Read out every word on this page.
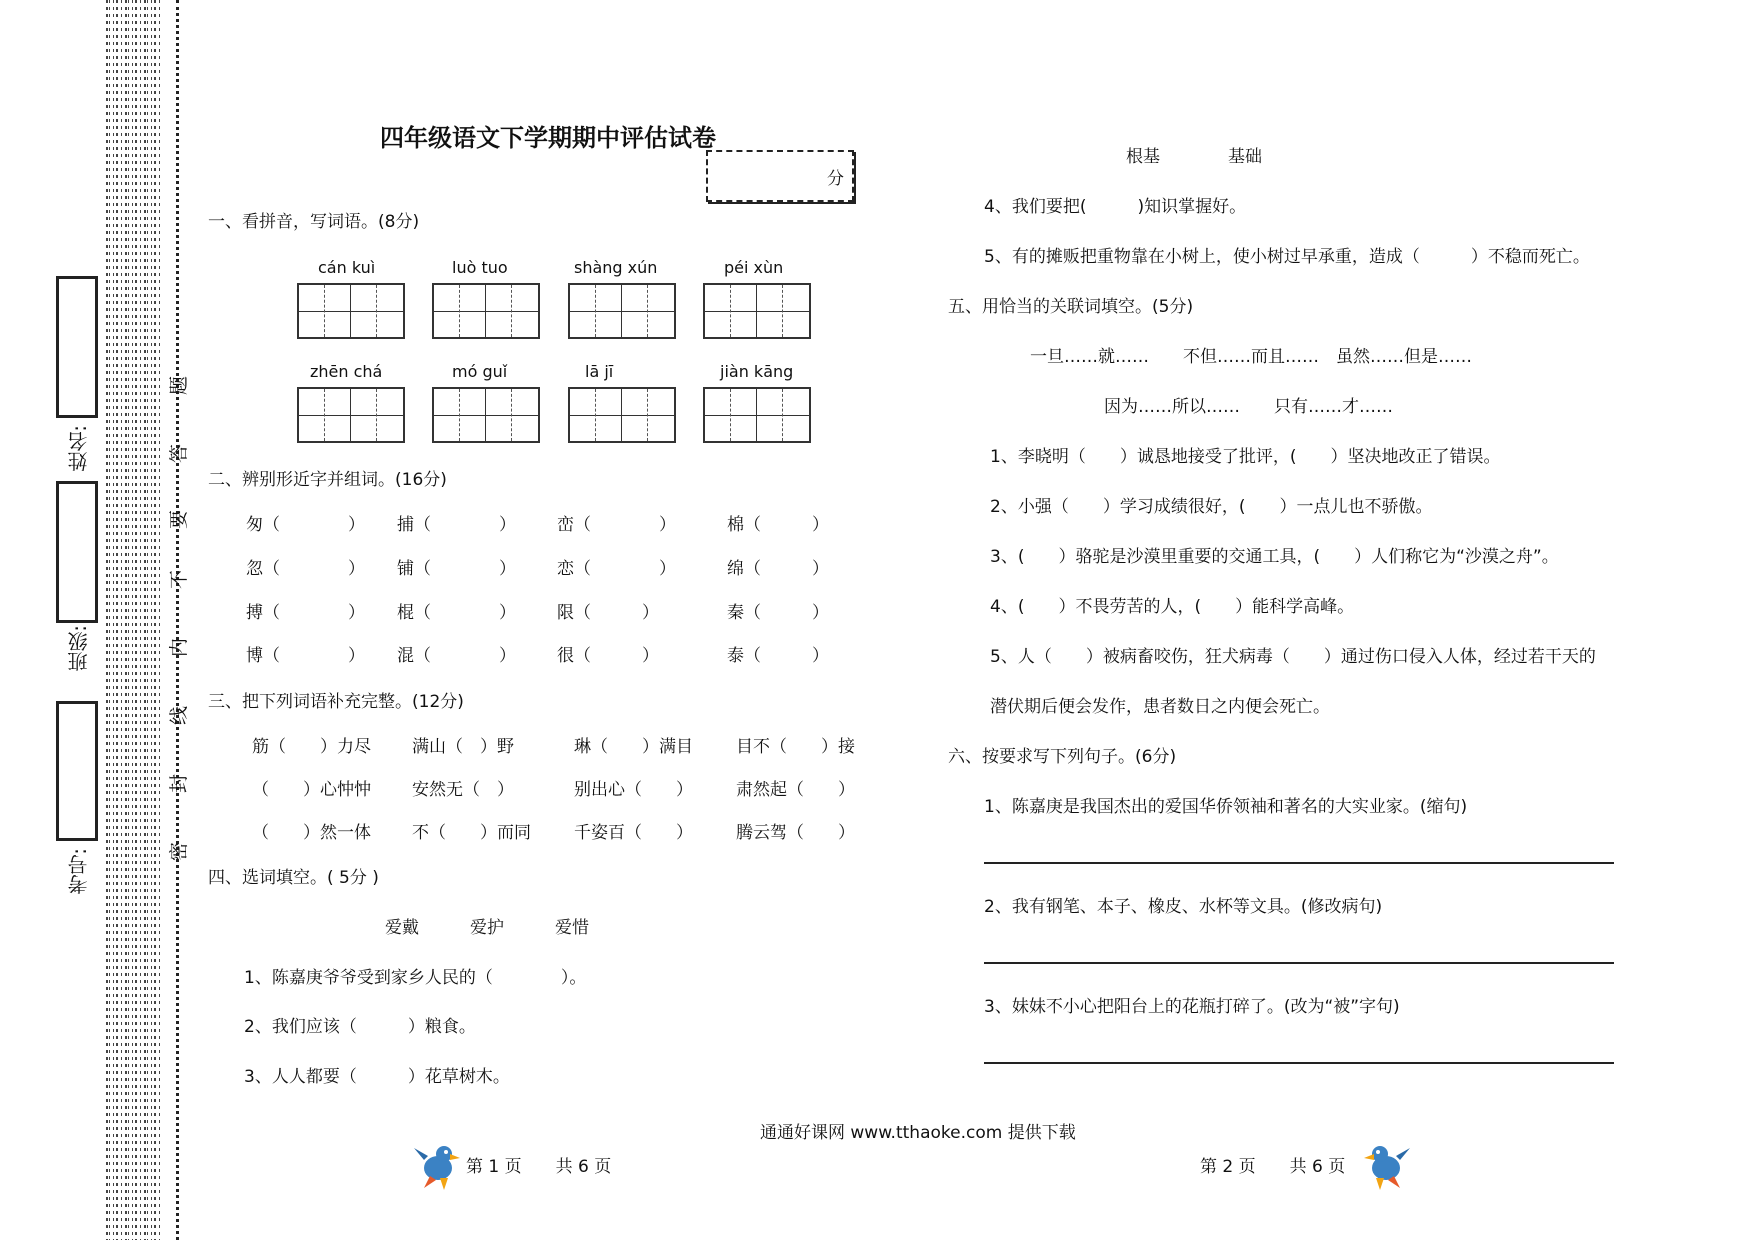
姓名:
班级:
考号:	密
封
线
内
不
要
答
题
四年级语文下学期期中评估试卷
分
一、看拼音，写词语。(8分)
cán kuì	luò tuo	shàng xún	péi xùn
zhēn chá	mó guǐ	lā jī	jiàn kāng
二、辨别形近字并组词。(16分)
匆（　　　　） 捕（　　　　） 峦（　　　　）	棉（　　　）
忽（　　　　） 铺（　　　　） 恋（　　　　）	绵（　　　）
搏（　　　　） 棍（　　　　） 限（　　　）	秦（　　　）
博（　　　　） 混（　　　　） 很（　　　）	泰（　　　）
三、把下列词语补充完整。(12分)
筋（　　）力尽 满山（　）野	琳（　　）满目	目不（　　）接
（　　）心忡忡 安然无（　）	别出心（　　）	肃然起（　　）
（　　）然一体 不（　　）而同	千姿百（　　）	腾云驾（　　）
四、选词填空。( 5分 )
爱戴　　　爱护　　　爱惜
1、陈嘉庚爷爷受到家乡人民的（　　　　）。
2、我们应该（　　　）粮食。
3、人人都要（　　　）花草树木。
根基　　　　基础
4、我们要把(　　　)知识掌握好。
5、有的摊贩把重物靠在小树上，使小树过早承重，造成（　　　）不稳而死亡。
五、用恰当的关联词填空。(5分)
一旦……就……　　不但……而且……　虽然……但是……
因为……所以……　　只有……才……
1、李晓明（　　）诚恳地接受了批评，(　　）坚决地改正了错误。
2、小强（　　）学习成绩很好，(　　）一点儿也不骄傲。
3、(　　）骆驼是沙漠里重要的交通工具，(　　）人们称它为“沙漠之舟”。
4、(　　）不畏劳苦的人，(　　）能科学高峰。
5、人（　　）被病畜咬伤，狂犬病毒（　　）通过伤口侵入人体，经过若干天的
潜伏期后便会发作，患者数日之内便会死亡。
六、按要求写下列句子。(6分)
1、陈嘉庚是我国杰出的爱国华侨领袖和著名的大实业家。(缩句)
2、我有钢笔、本子、橡皮、水杯等文具。(修改病句)
3、妹妹不小心把阳台上的花瓶打碎了。(改为“被”字句)
通通好课网 www.tthaoke.com 提供下载
第 1 页　　共 6 页	第 2 页　　共 6 页
